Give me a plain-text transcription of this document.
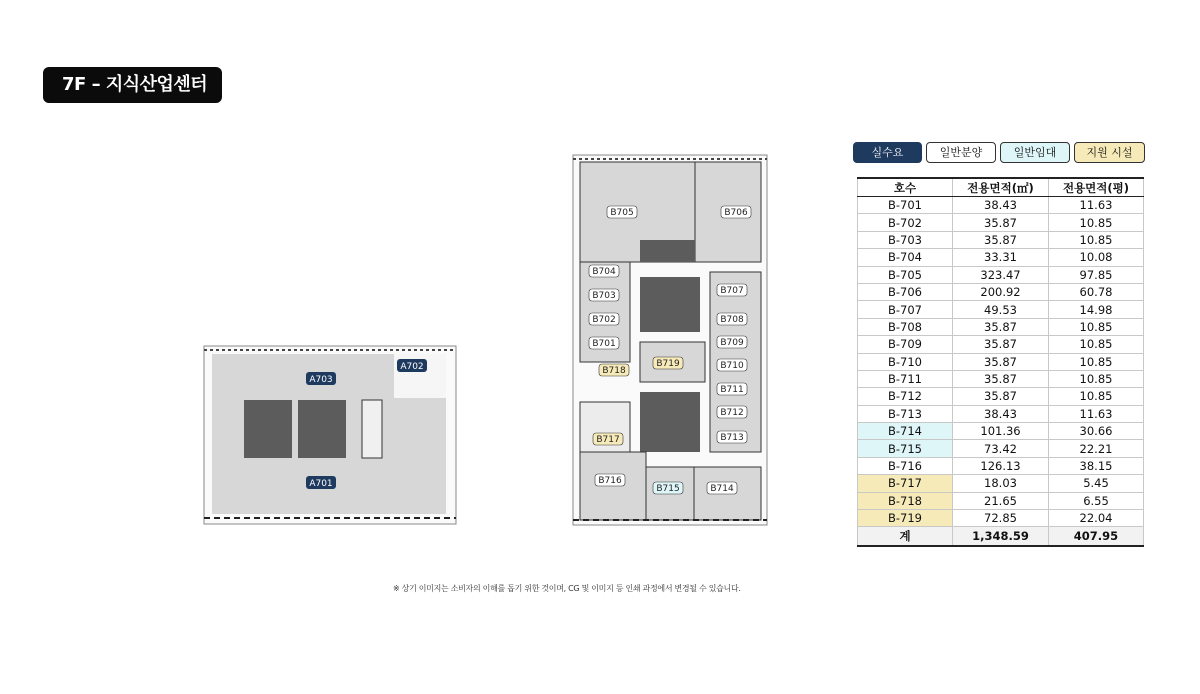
7F – 지식산업센터
A703
A702
A701
B705	B706
B704
B703
B702
B701
B707
B708
B709
B710
B711
B712
B713
B718
B719
B717
B716
B715	B714
실수요	일반분양	일반임대	지원 시설
호수	전용면적(㎡)	전용면적(평)
B-701	38.43	11.63
B-702	35.87	10.85
B-703	35.87	10.85
B-704	33.31	10.08
B-705	323.47	97.85
B-706	200.92	60.78
B-707	49.53	14.98
B-708	35.87	10.85
B-709	35.87	10.85
B-710	35.87	10.85
B-711	35.87	10.85
B-712	35.87	10.85
B-713	38.43	11.63
B-714	101.36	30.66
B-715	73.42	22.21
B-716	126.13	38.15
B-717	18.03	5.45
B-718	21.65	6.55
B-719	72.85	22.04
계	1,348.59	407.95
※ 상기 이미지는 소비자의 이해를 돕기 위한 것이며, CG 및 이미지 등 인쇄 과정에서 변경될 수 있습니다.
